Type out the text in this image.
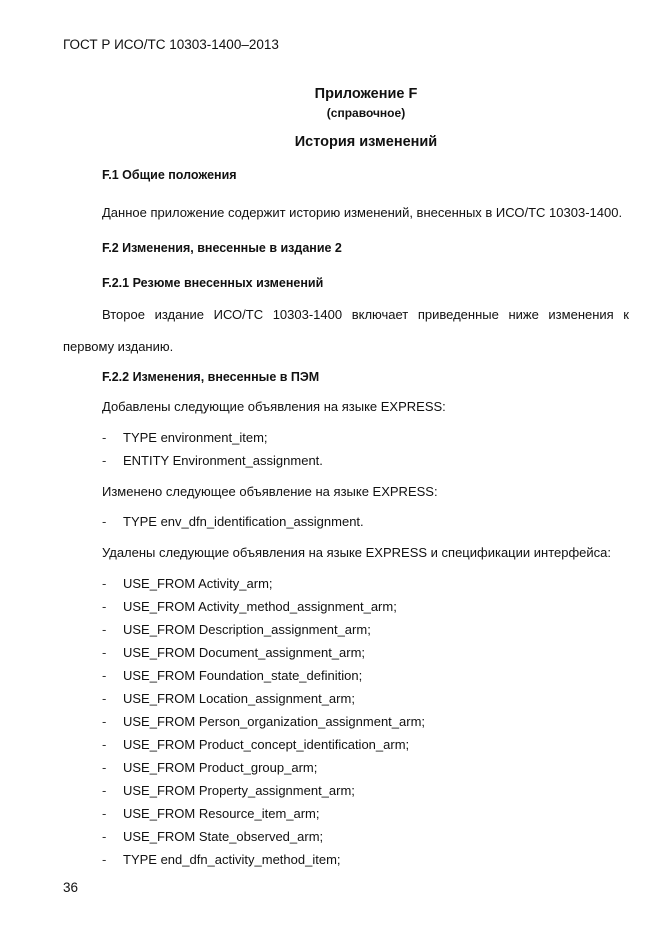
ГОСТ Р ИСО/ТС 10303-1400–2013
Приложение F
(справочное)
История изменений
F.1 Общие положения
Данное приложение содержит историю изменений, внесенных в ИСО/ТС 10303-1400.
F.2 Изменения, внесенные в издание 2
F.2.1 Резюме внесенных изменений
Второе издание ИСО/ТС 10303-1400 включает приведенные ниже изменения к
первому изданию.
F.2.2 Изменения, внесенные в ПЭМ
Добавлены следующие объявления на языке EXPRESS:
- TYPE environment_item;
- ENTITY Environment_assignment.
Изменено следующее объявление на языке EXPRESS:
- TYPE env_dfn_identification_assignment.
Удалены следующие объявления на языке EXPRESS и спецификации интерфейса:
- USE_FROM Activity_arm;
- USE_FROM Activity_method_assignment_arm;
- USE_FROM Description_assignment_arm;
- USE_FROM Document_assignment_arm;
- USE_FROM Foundation_state_definition;
- USE_FROM Location_assignment_arm;
- USE_FROM Person_organization_assignment_arm;
- USE_FROM Product_concept_identification_arm;
- USE_FROM Product_group_arm;
- USE_FROM Property_assignment_arm;
- USE_FROM Resource_item_arm;
- USE_FROM State_observed_arm;
- TYPE end_dfn_activity_method_item;
36
